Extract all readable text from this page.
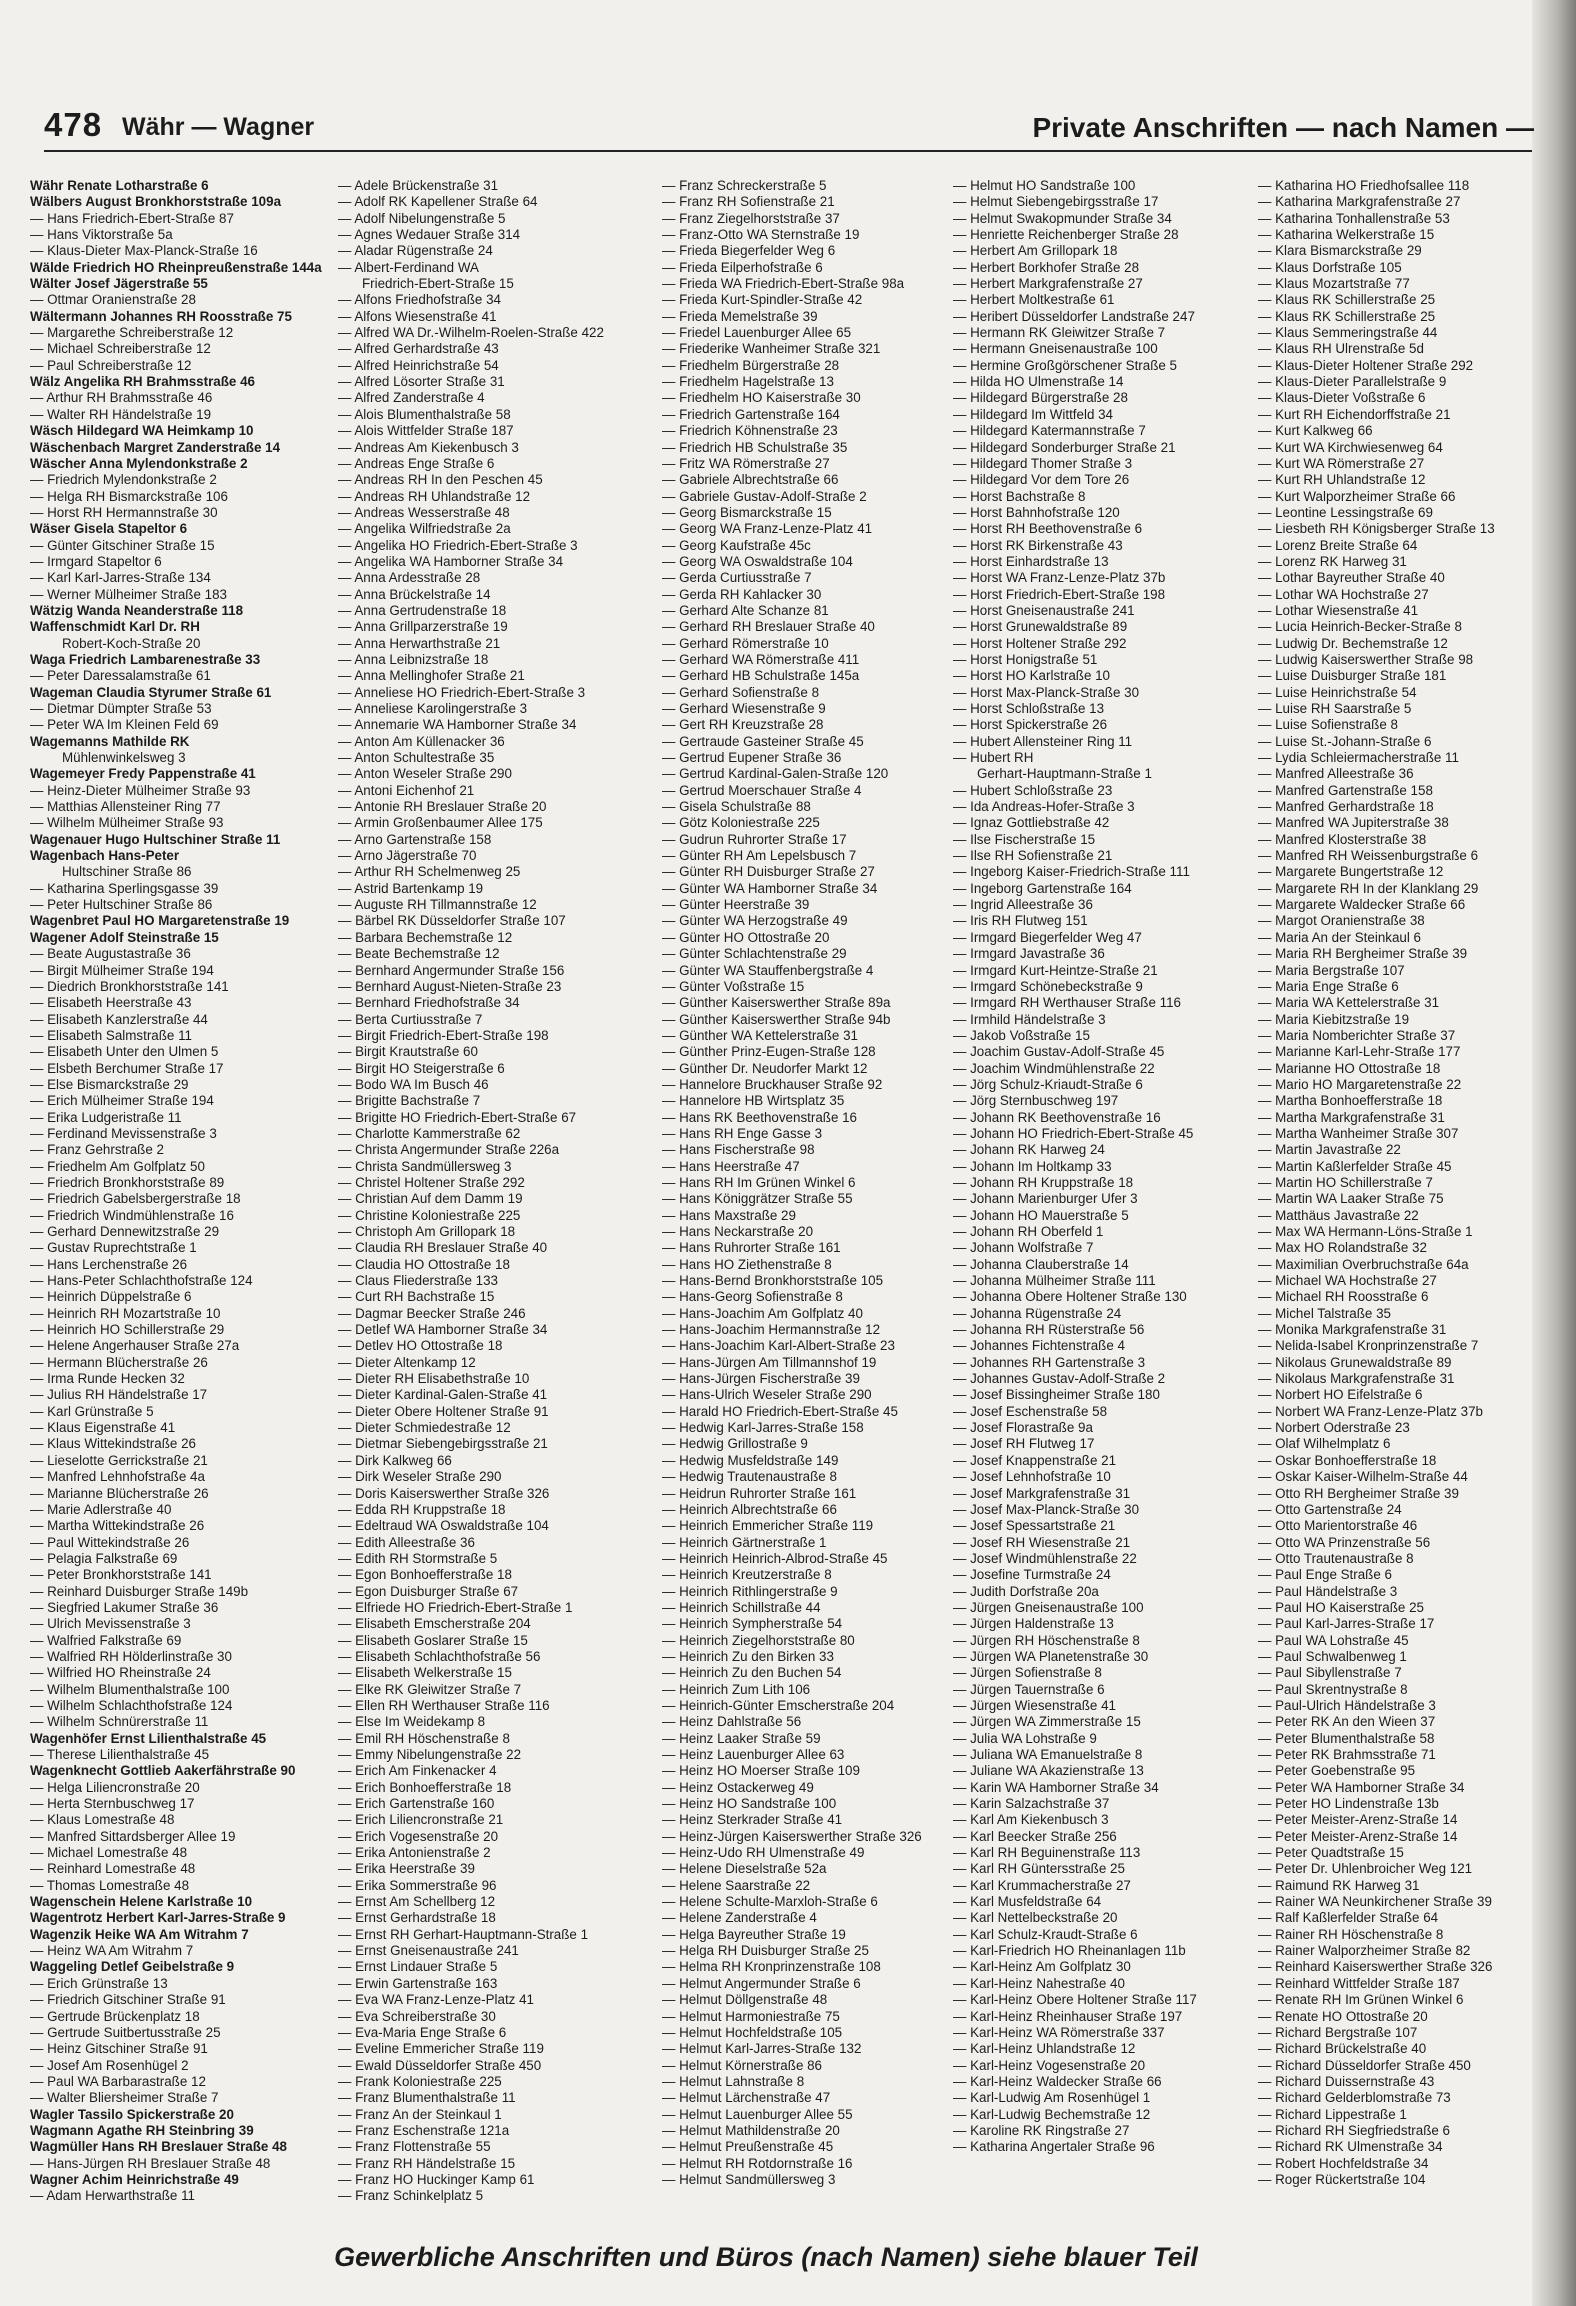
478 Währ — Wagner	Private Anschriften — nach Namen —
Währ Renate Lotharstraße 6
Wälbers August Bronkhorststraße 109a
— Hans Friedrich-Ebert-Straße 87
— Hans Viktorstraße 5a
— Klaus-Dieter Max-Planck-Straße 16
Wälde Friedrich HO Rheinpreußenstraße 144a
Wälter Josef Jägerstraße 55
— Ottmar Oranienstraße 28
Wältermann Johannes RH Roosstraße 75
— Margarethe Schreiberstraße 12
— Michael Schreiberstraße 12
— Paul Schreiberstraße 12
Wälz Angelika RH Brahmsstraße 46
— Arthur RH Brahmsstraße 46
— Walter RH Händelstraße 19
Wäsch Hildegard WA Heimkamp 10
Wäschenbach Margret Zanderstraße 14
Wäscher Anna Mylendonkstraße 2
— Friedrich Mylendonkstraße 2
— Helga RH Bismarckstraße 106
— Horst RH Hermannstraße 30
Wäser Gisela Stapeltor 6
— Günter Gitschiner Straße 15
— Irmgard Stapeltor 6
— Karl Karl-Jarres-Straße 134
— Werner Mülheimer Straße 183
Wätzig Wanda Neanderstraße 118
Waffenschmidt Karl Dr. RH
Robert-Koch-Straße 20
Waga Friedrich Lambarenestraße 33
— Peter Daressalamstraße 61
Wageman Claudia Styrumer Straße 61
— Dietmar Dümpter Straße 53
— Peter WA Im Kleinen Feld 69
Wagemanns Mathilde RK
Mühlenwinkelsweg 3
Wagemeyer Fredy Pappenstraße 41
— Heinz-Dieter Mülheimer Straße 93
— Matthias Allensteiner Ring 77
— Wilhelm Mülheimer Straße 93
Wagenauer Hugo Hultschiner Straße 11
Wagenbach Hans-Peter
Hultschiner Straße 86
— Katharina Sperlingsgasse 39
— Peter Hultschiner Straße 86
Wagenbret Paul HO Margaretenstraße 19
Wagener Adolf Steinstraße 15
— Beate Augustastraße 36
— Birgit Mülheimer Straße 194
— Diedrich Bronkhorststraße 141
— Elisabeth Heerstraße 43
— Elisabeth Kanzlerstraße 44
— Elisabeth Salmstraße 11
— Elisabeth Unter den Ulmen 5
— Elsbeth Berchumer Straße 17
— Else Bismarckstraße 29
— Erich Mülheimer Straße 194
— Erika Ludgeristraße 11
— Ferdinand Mevissenstraße 3
— Franz Gehrstraße 2
— Friedhelm Am Golfplatz 50
— Friedrich Bronkhorststraße 89
— Friedrich Gabelsbergerstraße 18
— Friedrich Windmühlenstraße 16
— Gerhard Dennewitzstraße 29
— Gustav Ruprechtstraße 1
— Hans Lerchenstraße 26
— Hans-Peter Schlachthofstraße 124
— Heinrich Düppelstraße 6
— Heinrich RH Mozartstraße 10
— Heinrich HO Schillerstraße 29
— Helene Angerhauser Straße 27a
— Hermann Blücherstraße 26
— Irma Runde Hecken 32
— Julius RH Händelstraße 17
— Karl Grünstraße 5
— Klaus Eigenstraße 41
— Klaus Wittekindstraße 26
— Lieselotte Gerrickstraße 21
— Manfred Lehnhofstraße 4a
— Marianne Blücherstraße 26
— Marie Adlerstraße 40
— Martha Wittekindstraße 26
— Paul Wittekindstraße 26
— Pelagia Falkstraße 69
— Peter Bronkhorststraße 141
— Reinhard Duisburger Straße 149b
— Siegfried Lakumer Straße 36
— Ulrich Mevissenstraße 3
— Walfried Falkstraße 69
— Walfried RH Hölderlinstraße 30
— Wilfried HO Rheinstraße 24
— Wilhelm Blumenthalstraße 100
— Wilhelm Schlachthofstraße 124
— Wilhelm Schnürerstraße 11
Wagenhöfer Ernst Lilienthalstraße 45
— Therese Lilienthalstraße 45
Wagenknecht Gottlieb Aakerfährstraße 90
— Helga Liliencronstraße 20
— Herta Sternbuschweg 17
— Klaus Lomestraße 48
— Manfred Sittardsberger Allee 19
— Michael Lomestraße 48
— Reinhard Lomestraße 48
— Thomas Lomestraße 48
Wagenschein Helene Karlstraße 10
Wagentrotz Herbert Karl-Jarres-Straße 9
Wagenzik Heike WA Am Witrahm 7
— Heinz WA Am Witrahm 7
Waggeling Detlef Geibelstraße 9
— Erich Grünstraße 13
— Friedrich Gitschiner Straße 91
— Gertrude Brückenplatz 18
— Gertrude Suitbertusstraße 25
— Heinz Gitschiner Straße 91
— Josef Am Rosenhügel 2
— Paul WA Barbarastraße 12
— Walter Bliersheimer Straße 7
Wagler Tassilo Spickerstraße 20
Wagmann Agathe RH Steinbring 39
Wagmüller Hans RH Breslauer Straße 48
— Hans-Jürgen RH Breslauer Straße 48
Wagner Achim Heinrichstraße 49
— Adam Herwarthstraße 11
— Adele Brückenstraße 31
— Adolf RK Kapellener Straße 64
— Adolf Nibelungenstraße 5
— Agnes Wedauer Straße 314
— Aladar Rügenstraße 24
— Albert-Ferdinand WA
Friedrich-Ebert-Straße 15
— Alfons Friedhofstraße 34
— Alfons Wiesenstraße 41
— Alfred WA Dr.-Wilhelm-Roelen-Straße 422
— Alfred Gerhardstraße 43
— Alfred Heinrichstraße 54
— Alfred Lösorter Straße 31
— Alfred Zanderstraße 4
— Alois Blumenthalstraße 58
— Alois Wittfelder Straße 187
— Andreas Am Kiekenbusch 3
— Andreas Enge Straße 6
— Andreas RH In den Peschen 45
— Andreas RH Uhlandstraße 12
— Andreas Wesserstraße 48
— Angelika Wilfriedstraße 2a
— Angelika HO Friedrich-Ebert-Straße 3
— Angelika WA Hamborner Straße 34
— Anna Ardesstraße 28
— Anna Brückelstraße 14
— Anna Gertrudenstraße 18
— Anna Grillparzerstraße 19
— Anna Herwarthstraße 21
— Anna Leibnizstraße 18
— Anna Mellinghofer Straße 21
— Anneliese HO Friedrich-Ebert-Straße 3
— Anneliese Karolingerstraße 3
— Annemarie WA Hamborner Straße 34
— Anton Am Küllenacker 36
— Anton Schultestraße 35
— Anton Weseler Straße 290
— Antoni Eichenhof 21
— Antonie RH Breslauer Straße 20
— Armin Großenbaumer Allee 175
— Arno Gartenstraße 158
— Arno Jägerstraße 70
— Arthur RH Schelmenweg 25
— Astrid Bartenkamp 19
— Auguste RH Tillmannstraße 12
— Bärbel RK Düsseldorfer Straße 107
— Barbara Bechemstraße 12
— Beate Bechemstraße 12
— Bernhard Angermunder Straße 156
— Bernhard August-Nieten-Straße 23
— Bernhard Friedhofstraße 34
— Berta Curtiusstraße 7
— Birgit Friedrich-Ebert-Straße 198
— Birgit Krautstraße 60
— Birgit HO Steigerstraße 6
— Bodo WA Im Busch 46
— Brigitte Bachstraße 7
— Brigitte HO Friedrich-Ebert-Straße 67
— Charlotte Kammerstraße 62
— Christa Angermunder Straße 226a
— Christa Sandmüllersweg 3
— Christel Holtener Straße 292
— Christian Auf dem Damm 19
— Christine Koloniestraße 225
— Christoph Am Grillopark 18
— Claudia RH Breslauer Straße 40
— Claudia HO Ottostraße 18
— Claus Fliederstraße 133
— Curt RH Bachstraße 15
— Dagmar Beecker Straße 246
— Detlef WA Hamborner Straße 34
— Detlev HO Ottostraße 18
— Dieter Altenkamp 12
— Dieter RH Elisabethstraße 10
— Dieter Kardinal-Galen-Straße 41
— Dieter Obere Holtener Straße 91
— Dieter Schmiedestraße 12
— Dietmar Siebengebirgsstraße 21
— Dirk Kalkweg 66
— Dirk Weseler Straße 290
— Doris Kaiserswerther Straße 326
— Edda RH Kruppstraße 18
— Edeltraud WA Oswaldstraße 104
— Edith Alleestraße 36
— Edith RH Stormstraße 5
— Egon Bonhoefferstraße 18
— Egon Duisburger Straße 67
— Elfriede HO Friedrich-Ebert-Straße 1
— Elisabeth Emscherstraße 204
— Elisabeth Goslarer Straße 15
— Elisabeth Schlachthofstraße 56
— Elisabeth Welkerstraße 15
— Elke RK Gleiwitzer Straße 7
— Ellen RH Werthauser Straße 116
— Else Im Weidekamp 8
— Emil RH Höschenstraße 8
— Emmy Nibelungenstraße 22
— Erich Am Finkenacker 4
— Erich Bonhoefferstraße 18
— Erich Gartenstraße 160
— Erich Liliencronstraße 21
— Erich Vogesenstraße 20
— Erika Antonienstraße 2
— Erika Heerstraße 39
— Erika Sommerstraße 96
— Ernst Am Schellberg 12
— Ernst Gerhardstraße 18
— Ernst RH Gerhart-Hauptmann-Straße 1
— Ernst Gneisenaustraße 241
— Ernst Lindauer Straße 5
— Erwin Gartenstraße 163
— Eva WA Franz-Lenze-Platz 41
— Eva Schreiberstraße 30
— Eva-Maria Enge Straße 6
— Eveline Emmericher Straße 119
— Ewald Düsseldorfer Straße 450
— Frank Koloniestraße 225
— Franz Blumenthalstraße 11
— Franz An der Steinkaul 1
— Franz Eschenstraße 121a
— Franz Flottenstraße 55
— Franz RH Händelstraße 15
— Franz HO Huckinger Kamp 61
— Franz Schinkelplatz 5
— Franz Schreckerstraße 5
— Franz RH Sofienstraße 21
— Franz Ziegelhorststraße 37
— Franz-Otto WA Sternstraße 19
— Frieda Biegerfelder Weg 6
— Frieda Eilperhofstraße 6
— Frieda WA Friedrich-Ebert-Straße 98a
— Frieda Kurt-Spindler-Straße 42
— Frieda Memelstraße 39
— Friedel Lauenburger Allee 65
— Friederike Wanheimer Straße 321
— Friedhelm Bürgerstraße 28
— Friedhelm Hagelstraße 13
— Friedhelm HO Kaiserstraße 30
— Friedrich Gartenstraße 164
— Friedrich Köhnenstraße 23
— Friedrich HB Schulstraße 35
— Fritz WA Römerstraße 27
— Gabriele Albrechtstraße 66
— Gabriele Gustav-Adolf-Straße 2
— Georg Bismarckstraße 15
— Georg WA Franz-Lenze-Platz 41
— Georg Kaufstraße 45c
— Georg WA Oswaldstraße 104
— Gerda Curtiusstraße 7
— Gerda RH Kahlacker 30
— Gerhard Alte Schanze 81
— Gerhard RH Breslauer Straße 40
— Gerhard Römerstraße 10
— Gerhard WA Römerstraße 411
— Gerhard HB Schulstraße 145a
— Gerhard Sofienstraße 8
— Gerhard Wiesenstraße 9
— Gert RH Kreuzstraße 28
— Gertraude Gasteiner Straße 45
— Gertrud Eupener Straße 36
— Gertrud Kardinal-Galen-Straße 120
— Gertrud Moerschauer Straße 4
— Gisela Schulstraße 88
— Götz Koloniestraße 225
— Gudrun Ruhrorter Straße 17
— Günter RH Am Lepelsbusch 7
— Günter RH Duisburger Straße 27
— Günter WA Hamborner Straße 34
— Günter Heerstraße 39
— Günter WA Herzogstraße 49
— Günter HO Ottostraße 20
— Günter Schlachtenstraße 29
— Günter WA Stauffenbergstraße 4
— Günter Voßstraße 15
— Günther Kaiserswerther Straße 89a
— Günther Kaiserswerther Straße 94b
— Günther WA Kettelerstraße 31
— Günther Prinz-Eugen-Straße 128
— Günther Dr. Neudorfer Markt 12
— Hannelore Bruckhauser Straße 92
— Hannelore HB Wirtsplatz 35
— Hans RK Beethovenstraße 16
— Hans RH Enge Gasse 3
— Hans Fischerstraße 98
— Hans Heerstraße 47
— Hans RH Im Grünen Winkel 6
— Hans Königgrätzer Straße 55
— Hans Maxstraße 29
— Hans Neckarstraße 20
— Hans Ruhrorter Straße 161
— Hans HO Ziethenstraße 8
— Hans-Bernd Bronkhorststraße 105
— Hans-Georg Sofienstraße 8
— Hans-Joachim Am Golfplatz 40
— Hans-Joachim Hermannstraße 12
— Hans-Joachim Karl-Albert-Straße 23
— Hans-Jürgen Am Tillmannshof 19
— Hans-Jürgen Fischerstraße 39
— Hans-Ulrich Weseler Straße 290
— Harald HO Friedrich-Ebert-Straße 45
— Hedwig Karl-Jarres-Straße 158
— Hedwig Grillostraße 9
— Hedwig Musfeldstraße 149
— Hedwig Trautenaustraße 8
— Heidrun Ruhrorter Straße 161
— Heinrich Albrechtstraße 66
— Heinrich Emmericher Straße 119
— Heinrich Gärtnerstraße 1
— Heinrich Heinrich-Albrod-Straße 45
— Heinrich Kreutzerstraße 8
— Heinrich Rithlingerstraße 9
— Heinrich Schillstraße 44
— Heinrich Sympherstraße 54
— Heinrich Ziegelhorststraße 80
— Heinrich Zu den Birken 33
— Heinrich Zu den Buchen 54
— Heinrich Zum Lith 106
— Heinrich-Günter Emscherstraße 204
— Heinz Dahlstraße 56
— Heinz Laaker Straße 59
— Heinz Lauenburger Allee 63
— Heinz HO Moerser Straße 109
— Heinz Ostackerweg 49
— Heinz HO Sandstraße 100
— Heinz Sterkrader Straße 41
— Heinz-Jürgen Kaiserswerther Straße 326
— Heinz-Udo RH Ulmenstraße 49
— Helene Dieselstraße 52a
— Helene Saarstraße 22
— Helene Schulte-Marxloh-Straße 6
— Helene Zanderstraße 4
— Helga Bayreuther Straße 19
— Helga RH Duisburger Straße 25
— Helma RH Kronprinzenstraße 108
— Helmut Angermunder Straße 6
— Helmut Döllgenstraße 48
— Helmut Harmoniestraße 75
— Helmut Hochfeldstraße 105
— Helmut Karl-Jarres-Straße 132
— Helmut Körnerstraße 86
— Helmut Lahnstraße 8
— Helmut Lärchenstraße 47
— Helmut Lauenburger Allee 55
— Helmut Mathildenstraße 20
— Helmut Preußenstraße 45
— Helmut RH Rotdornstraße 16
— Helmut Sandmüllersweg 3
— Helmut HO Sandstraße 100
— Helmut Siebengebirgsstraße 17
— Helmut Swakopmunder Straße 34
— Henriette Reichenberger Straße 28
— Herbert Am Grillopark 18
— Herbert Borkhofer Straße 28
— Herbert Markgrafenstraße 27
— Herbert Moltkestraße 61
— Heribert Düsseldorfer Landstraße 247
— Hermann RK Gleiwitzer Straße 7
— Hermann Gneisenaustraße 100
— Hermine Großgörschener Straße 5
— Hilda HO Ulmenstraße 14
— Hildegard Bürgerstraße 28
— Hildegard Im Wittfeld 34
— Hildegard Katermannstraße 7
— Hildegard Sonderburger Straße 21
— Hildegard Thomer Straße 3
— Hildegard Vor dem Tore 26
— Horst Bachstraße 8
— Horst Bahnhofstraße 120
— Horst RH Beethovenstraße 6
— Horst RK Birkenstraße 43
— Horst Einhardstraße 13
— Horst WA Franz-Lenze-Platz 37b
— Horst Friedrich-Ebert-Straße 198
— Horst Gneisenaustraße 241
— Horst Grunewaldstraße 89
— Horst Holtener Straße 292
— Horst Honigstraße 51
— Horst HO Karlstraße 10
— Horst Max-Planck-Straße 30
— Horst Schloßstraße 13
— Horst Spickerstraße 26
— Hubert Allensteiner Ring 11
— Hubert RH
Gerhart-Hauptmann-Straße 1
— Hubert Schloßstraße 23
— Ida Andreas-Hofer-Straße 3
— Ignaz Gottliebstraße 42
— Ilse Fischerstraße 15
— Ilse RH Sofienstraße 21
— Ingeborg Kaiser-Friedrich-Straße 111
— Ingeborg Gartenstraße 164
— Ingrid Alleestraße 36
— Iris RH Flutweg 151
— Irmgard Biegerfelder Weg 47
— Irmgard Javastraße 36
— Irmgard Kurt-Heintze-Straße 21
— Irmgard Schönebeckstraße 9
— Irmgard RH Werthauser Straße 116
— Irmhild Händelstraße 3
— Jakob Voßstraße 15
— Joachim Gustav-Adolf-Straße 45
— Joachim Windmühlenstraße 22
— Jörg Schulz-Kriaudt-Straße 6
— Jörg Sternbuschweg 197
— Johann RK Beethovenstraße 16
— Johann HO Friedrich-Ebert-Straße 45
— Johann RK Harweg 24
— Johann Im Holtkamp 33
— Johann RH Kruppstraße 18
— Johann Marienburger Ufer 3
— Johann HO Mauerstraße 5
— Johann RH Oberfeld 1
— Johann Wolfstraße 7
— Johanna Clauberstraße 14
— Johanna Mülheimer Straße 111
— Johanna Obere Holtener Straße 130
— Johanna Rügenstraße 24
— Johanna RH Rüsterstraße 56
— Johannes Fichtenstraße 4
— Johannes RH Gartenstraße 3
— Johannes Gustav-Adolf-Straße 2
— Josef Bissingheimer Straße 180
— Josef Eschenstraße 58
— Josef Florastraße 9a
— Josef RH Flutweg 17
— Josef Knappenstraße 21
— Josef Lehnhofstraße 10
— Josef Markgrafenstraße 31
— Josef Max-Planck-Straße 30
— Josef Spessartstraße 21
— Josef RH Wiesenstraße 21
— Josef Windmühlenstraße 22
— Josefine Turmstraße 24
— Judith Dorfstraße 20a
— Jürgen Gneisenaustraße 100
— Jürgen Haldenstraße 13
— Jürgen RH Höschenstraße 8
— Jürgen WA Planetenstraße 30
— Jürgen Sofienstraße 8
— Jürgen Tauernstraße 6
— Jürgen Wiesenstraße 41
— Jürgen WA Zimmerstraße 15
— Julia WA Lohstraße 9
— Juliana WA Emanuelstraße 8
— Juliane WA Akazienstraße 13
— Karin WA Hamborner Straße 34
— Karin Salzachstraße 37
— Karl Am Kiekenbusch 3
— Karl Beecker Straße 256
— Karl RH Beguinenstraße 113
— Karl RH Güntersstraße 25
— Karl Krummacherstraße 27
— Karl Musfeldstraße 64
— Karl Nettelbeckstraße 20
— Karl Schulz-Kraudt-Straße 6
— Karl-Friedrich HO Rheinanlagen 11b
— Karl-Heinz Am Golfplatz 30
— Karl-Heinz Nahestraße 40
— Karl-Heinz Obere Holtener Straße 117
— Karl-Heinz Rheinhauser Straße 197
— Karl-Heinz WA Römerstraße 337
— Karl-Heinz Uhlandstraße 12
— Karl-Heinz Vogesenstraße 20
— Karl-Heinz Waldecker Straße 66
— Karl-Ludwig Am Rosenhügel 1
— Karl-Ludwig Bechemstraße 12
— Karoline RK Ringstraße 27
— Katharina Angertaler Straße 96
— Katharina HO Friedhofsallee 118
— Katharina Markgrafenstraße 27
— Katharina Tonhallenstraße 53
— Katharina Welkerstraße 15
— Klara Bismarckstraße 29
— Klaus Dorfstraße 105
— Klaus Mozartstraße 77
— Klaus RK Schillerstraße 25
— Klaus RK Schillerstraße 25
— Klaus Semmeringstraße 44
— Klaus RH Ulrenstraße 5d
— Klaus-Dieter Holtener Straße 292
— Klaus-Dieter Parallelstraße 9
— Klaus-Dieter Voßstraße 6
— Kurt RH Eichendorffstraße 21
— Kurt Kalkweg 66
— Kurt WA Kirchwiesenweg 64
— Kurt WA Römerstraße 27
— Kurt RH Uhlandstraße 12
— Kurt Walporzheimer Straße 66
— Leontine Lessingstraße 69
— Liesbeth RH Königsberger Straße 13
— Lorenz Breite Straße 64
— Lorenz RK Harweg 31
— Lothar Bayreuther Straße 40
— Lothar WA Hochstraße 27
— Lothar Wiesenstraße 41
— Lucia Heinrich-Becker-Straße 8
— Ludwig Dr. Bechemstraße 12
— Ludwig Kaiserswerther Straße 98
— Luise Duisburger Straße 181
— Luise Heinrichstraße 54
— Luise RH Saarstraße 5
— Luise Sofienstraße 8
— Luise St.-Johann-Straße 6
— Lydia Schleiermacherstraße 11
— Manfred Alleestraße 36
— Manfred Gartenstraße 158
— Manfred Gerhardstraße 18
— Manfred WA Jupiterstraße 38
— Manfred Klosterstraße 38
— Manfred RH Weissenburgstraße 6
— Margarete Bungertstraße 12
— Margarete RH In der Klanklang 29
— Margarete Waldecker Straße 66
— Margot Oranienstraße 38
— Maria An der Steinkaul 6
— Maria RH Bergheimer Straße 39
— Maria Bergstraße 107
— Maria Enge Straße 6
— Maria WA Kettelerstraße 31
— Maria Kiebitzstraße 19
— Maria Nomberichter Straße 37
— Marianne Karl-Lehr-Straße 177
— Marianne HO Ottostraße 18
— Mario HO Margaretenstraße 22
— Martha Bonhoefferstraße 18
— Martha Markgrafenstraße 31
— Martha Wanheimer Straße 307
— Martin Javastraße 22
— Martin Kaßlerfelder Straße 45
— Martin HO Schillerstraße 7
— Martin WA Laaker Straße 75
— Matthäus Javastraße 22
— Max WA Hermann-Löns-Straße 1
— Max HO Rolandstraße 32
— Maximilian Overbruchstraße 64a
— Michael WA Hochstraße 27
— Michael RH Roosstraße 6
— Michel Talstraße 35
— Monika Markgrafenstraße 31
— Nelida-Isabel Kronprinzenstraße 7
— Nikolaus Grunewaldstraße 89
— Nikolaus Markgrafenstraße 31
— Norbert HO Eifelstraße 6
— Norbert WA Franz-Lenze-Platz 37b
— Norbert Oderstraße 23
— Olaf Wilhelmplatz 6
— Oskar Bonhoefferstraße 18
— Oskar Kaiser-Wilhelm-Straße 44
— Otto RH Bergheimer Straße 39
— Otto Gartenstraße 24
— Otto Marientorstraße 46
— Otto WA Prinzenstraße 56
— Otto Trautenaustraße 8
— Paul Enge Straße 6
— Paul Händelstraße 3
— Paul HO Kaiserstraße 25
— Paul Karl-Jarres-Straße 17
— Paul WA Lohstraße 45
— Paul Schwalbenweg 1
— Paul Sibyllenstraße 7
— Paul Skrentnystraße 8
— Paul-Ulrich Händelstraße 3
— Peter RK An den Wieen 37
— Peter Blumenthalstraße 58
— Peter RK Brahmsstraße 71
— Peter Goebenstraße 95
— Peter WA Hamborner Straße 34
— Peter HO Lindenstraße 13b
— Peter Meister-Arenz-Straße 14
— Peter Meister-Arenz-Straße 14
— Peter Quadtstraße 15
— Peter Dr. Uhlenbroicher Weg 121
— Raimund RK Harweg 31
— Rainer WA Neunkirchener Straße 39
— Ralf Kaßlerfelder Straße 64
— Rainer RH Höschenstraße 8
— Rainer Walporzheimer Straße 82
— Reinhard Kaiserswerther Straße 326
— Reinhard Wittfelder Straße 187
— Renate RH Im Grünen Winkel 6
— Renate HO Ottostraße 20
— Richard Bergstraße 107
— Richard Brückelstraße 40
— Richard Düsseldorfer Straße 450
— Richard Duissernstraße 43
— Richard Gelderblomstraße 73
— Richard Lippestraße 1
— Richard RH Siegfriedstraße 6
— Richard RK Ulmenstraße 34
— Robert Hochfeldstraße 34
— Roger Rückertstraße 104
Gewerbliche Anschriften und Büros (nach Namen) siehe blauer Teil
